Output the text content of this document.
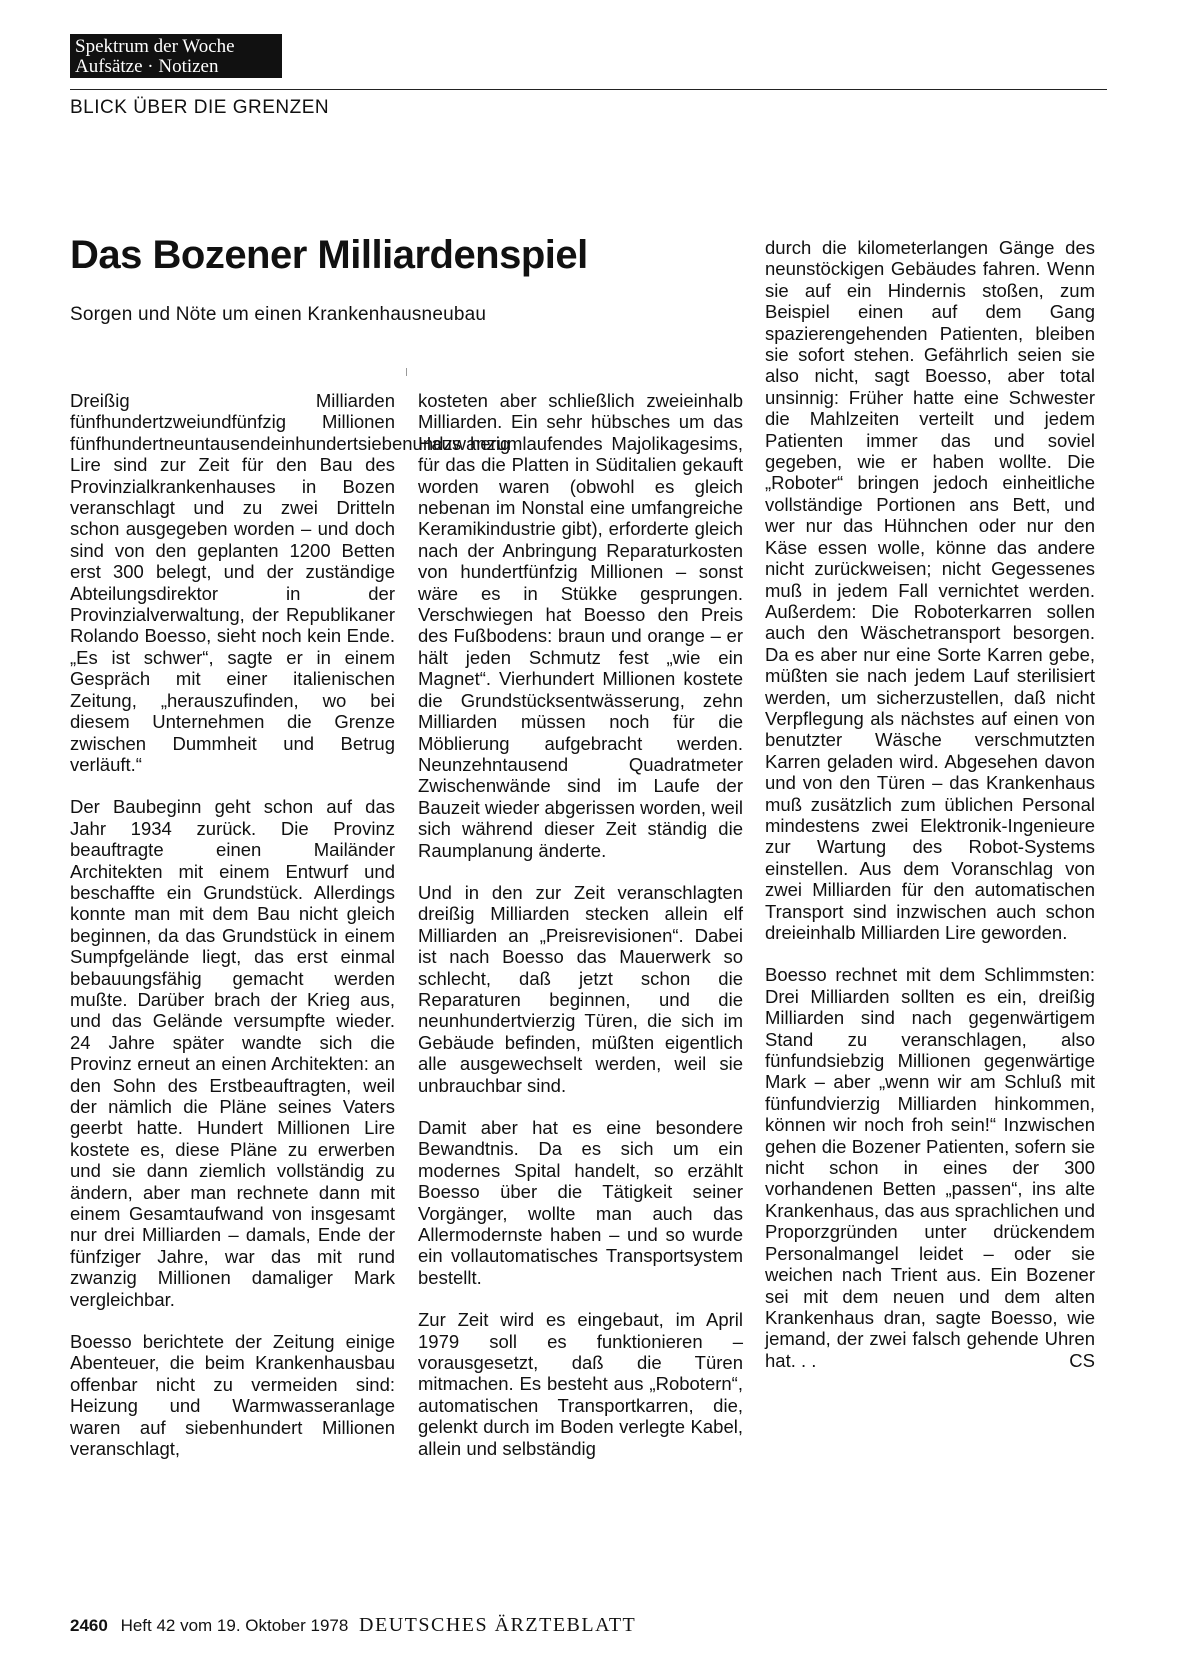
Spektrum der Woche
Aufsätze · Notizen
BLICK ÜBER DIE GRENZEN
Das Bozener Milliardenspiel
Sorgen und Nöte um einen Krankenhausneubau

Dreißig Milliarden fünfhundertzweiundfünfzig Millionen fünfhundertneuntausendeinhundertsiebenundzwanzig Lire sind zur Zeit für den Bau des Provinzialkrankenhauses in Bozen veranschlagt und zu zwei Dritteln schon ausgegeben worden – und doch sind von den geplanten 1200 Betten erst 300 belegt, und der zuständige Abteilungsdirektor in der Provinzialverwaltung, der Republikaner Rolando Boesso, sieht noch kein Ende. „Es ist schwer“, sagte er in einem Gespräch mit einer italienischen Zeitung, „herauszufinden, wo bei diesem Unternehmen die Grenze zwischen Dummheit und Betrug verläuft.“

Der Baubeginn geht schon auf das Jahr 1934 zurück. Die Provinz beauftragte einen Mailänder Architekten mit einem Entwurf und beschaffte ein Grundstück. Allerdings konnte man mit dem Bau nicht gleich beginnen, da das Grundstück in einem Sumpfgelände liegt, das erst einmal bebauungsfähig gemacht werden mußte. Darüber brach der Krieg aus, und das Gelände versumpfte wieder. 24 Jahre später wandte sich die Provinz erneut an einen Architekten: an den Sohn des Erstbeauftragten, weil der nämlich die Pläne seines Vaters geerbt hatte. Hundert Millionen Lire kostete es, diese Pläne zu erwerben und sie dann ziemlich vollständig zu ändern, aber man rechnete dann mit einem Gesamtaufwand von insgesamt nur drei Milliarden – damals, Ende der fünfziger Jahre, war das mit rund zwanzig Millionen damaliger Mark vergleichbar.

Boesso berichtete der Zeitung einige Abenteuer, die beim Krankenhausbau offenbar nicht zu vermeiden sind: Heizung und Warmwasseranlage waren auf siebenhundert Millionen veranschlagt,

kosteten aber schließlich zweieinhalb Milliarden. Ein sehr hübsches um das Haus herumlaufendes Majolikagesims, für das die Platten in Süditalien gekauft worden waren (obwohl es gleich nebenan im Nonstal eine umfangreiche Keramikindustrie gibt), erforderte gleich nach der Anbringung Reparaturkosten von hundertfünfzig Millionen – sonst wäre es in Stükke gesprungen. Verschwiegen hat Boesso den Preis des Fußbodens: braun und orange – er hält jeden Schmutz fest „wie ein Magnet“. Vierhundert Millionen kostete die Grundstücksentwässerung, zehn Milliarden müssen noch für die Möblierung aufgebracht werden. Neunzehntausend Quadratmeter Zwischenwände sind im Laufe der Bauzeit wieder abgerissen worden, weil sich während dieser Zeit ständig die Raumplanung änderte.

Und in den zur Zeit veranschlagten dreißig Milliarden stecken allein elf Milliarden an „Preisrevisionen“. Dabei ist nach Boesso das Mauerwerk so schlecht, daß jetzt schon die Reparaturen beginnen, und die neunhundertvierzig Türen, die sich im Gebäude befinden, müßten eigentlich alle ausgewechselt werden, weil sie unbrauchbar sind.

Damit aber hat es eine besondere Bewandtnis. Da es sich um ein modernes Spital handelt, so erzählt Boesso über die Tätigkeit seiner Vorgänger, wollte man auch das Allermodernste haben – und so wurde ein vollautomatisches Transportsystem bestellt.

Zur Zeit wird es eingebaut, im April 1979 soll es funktionieren – vorausgesetzt, daß die Türen mitmachen. Es besteht aus „Robotern“, automatischen Transportkarren, die, gelenkt durch im Boden verlegte Kabel, allein und selbständig

durch die kilometerlangen Gänge des neunstöckigen Gebäudes fahren. Wenn sie auf ein Hindernis stoßen, zum Beispiel einen auf dem Gang spazierengehenden Patienten, bleiben sie sofort stehen. Gefährlich seien sie also nicht, sagt Boesso, aber total unsinnig: Früher hatte eine Schwester die Mahlzeiten verteilt und jedem Patienten immer das und soviel gegeben, wie er haben wollte. Die „Roboter“ bringen jedoch einheitliche vollständige Portionen ans Bett, und wer nur das Hühnchen oder nur den Käse essen wolle, könne das andere nicht zurückweisen; nicht Gegessenes muß in jedem Fall vernichtet werden. Außerdem: Die Roboterkarren sollen auch den Wäschetransport besorgen. Da es aber nur eine Sorte Karren gebe, müßten sie nach jedem Lauf sterilisiert werden, um sicherzustellen, daß nicht Verpflegung als nächstes auf einen von benutzter Wäsche verschmutzten Karren geladen wird. Abgesehen davon und von den Türen – das Krankenhaus muß zusätzlich zum üblichen Personal mindestens zwei Elektronik-Ingenieure zur Wartung des Robot-Systems einstellen. Aus dem Voranschlag von zwei Milliarden für den automatischen Transport sind inzwischen auch schon dreieinhalb Milliarden Lire geworden.

Boesso rechnet mit dem Schlimmsten: Drei Milliarden sollten es ein, dreißig Milliarden sind nach gegenwärtigem Stand zu veranschlagen, also fünfundsiebzig Millionen gegenwärtige Mark – aber „wenn wir am Schluß mit fünfundvierzig Milliarden hinkommen, können wir noch froh sein!“ Inzwischen gehen die Bozener Patienten, sofern sie nicht schon in eines der 300 vorhandenen Betten „passen“, ins alte Krankenhaus, das aus sprachlichen und Proporzgründen unter drückendem Personalmangel leidet – oder sie weichen nach Trient aus. Ein Bozener sei mit dem neuen und dem alten Krankenhaus dran, sagte Boesso, wie jemand, der zwei falsch gehende Uhren hat. . .	CS

2460 Heft 42 vom 19. Oktober 1978 DEUTSCHES ÄRZTEBLATT
